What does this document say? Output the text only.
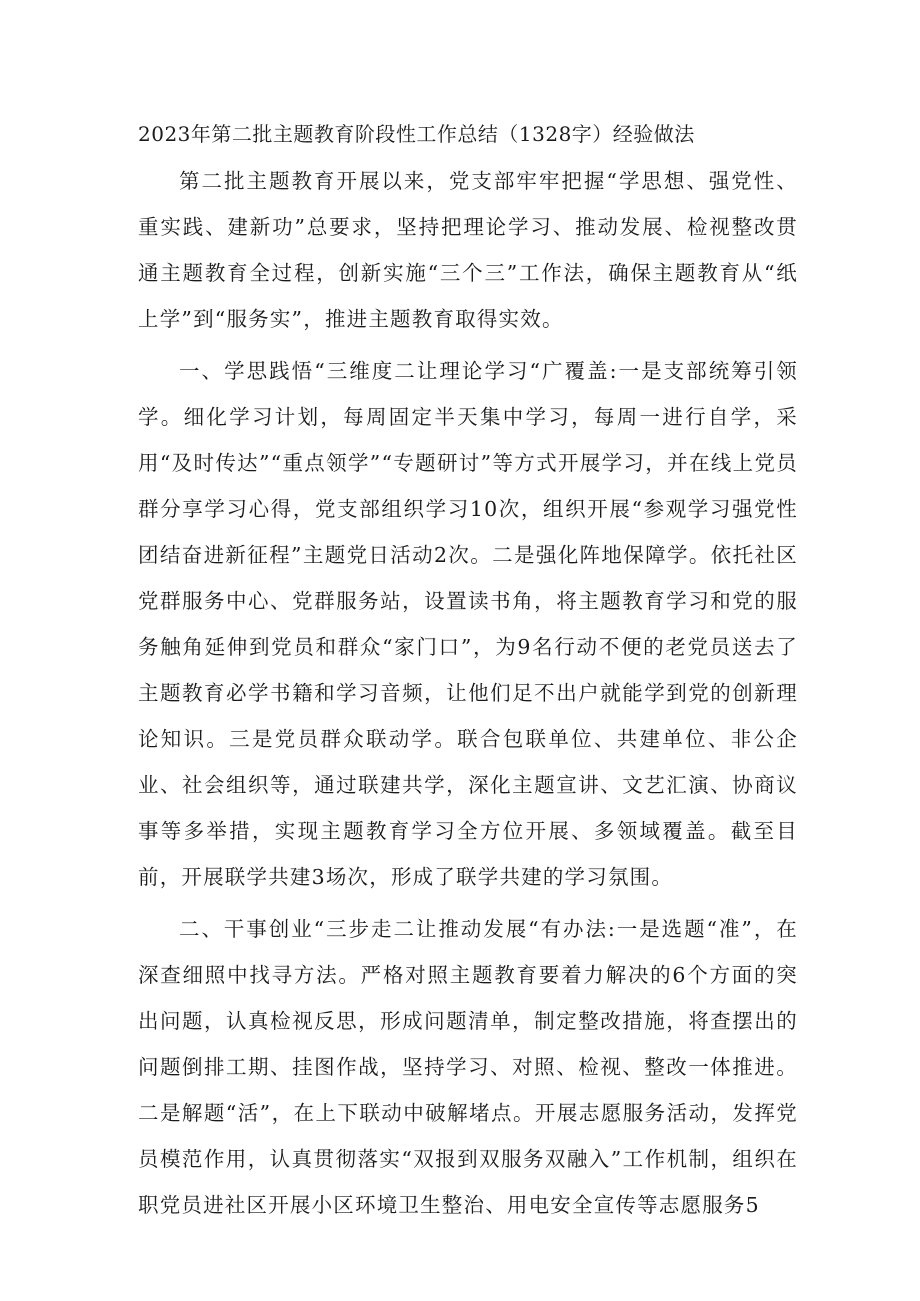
2023年第二批主题教育阶段性工作总结（1328字）经验做法

第二批主题教育开展以来，党支部牢牢把握“学思想、强党性、重实践、建新功”总要求，坚持把理论学习、推动发展、检视整改贯通主题教育全过程，创新实施“三个三”工作法，确保主题教育从“纸上学”到“服务实”，推进主题教育取得实效。

一、学思践悟“三维度二让理论学习“广覆盖:一是支部统筹引领学。细化学习计划，每周固定半天集中学习，每周一进行自学，采用“及时传达”“重点领学”“专题研讨”等方式开展学习，并在线上党员群分享学习心得，党支部组织学习10次，组织开展“参观学习强党性团结奋进新征程”主题党日活动2次。二是强化阵地保障学。依托社区党群服务中心、党群服务站，设置读书角，将主题教育学习和党的服务触角延伸到党员和群众“家门口”，为9名行动不便的老党员送去了主题教育必学书籍和学习音频，让他们足不出户就能学到党的创新理论知识。三是党员群众联动学。联合包联单位、共建单位、非公企业、社会组织等，通过联建共学，深化主题宣讲、文艺汇演、协商议事等多举措，实现主题教育学习全方位开展、多领域覆盖。截至目前，开展联学共建3场次，形成了联学共建的学习氛围。

二、干事创业“三步走二让推动发展“有办法:一是选题“准”，在深查细照中找寻方法。严格对照主题教育要着力解决的6个方面的突出问题，认真检视反思，形成问题清单，制定整改措施，将查摆出的问题倒排工期、挂图作战，坚持学习、对照、检视、整改一体推进。二是解题“活”，在上下联动中破解堵点。开展志愿服务活动，发挥党员模范作用，认真贯彻落实“双报到双服务双融入”工作机制，组织在职党员进社区开展小区环境卫生整治、用电安全宣传等志愿服务5
